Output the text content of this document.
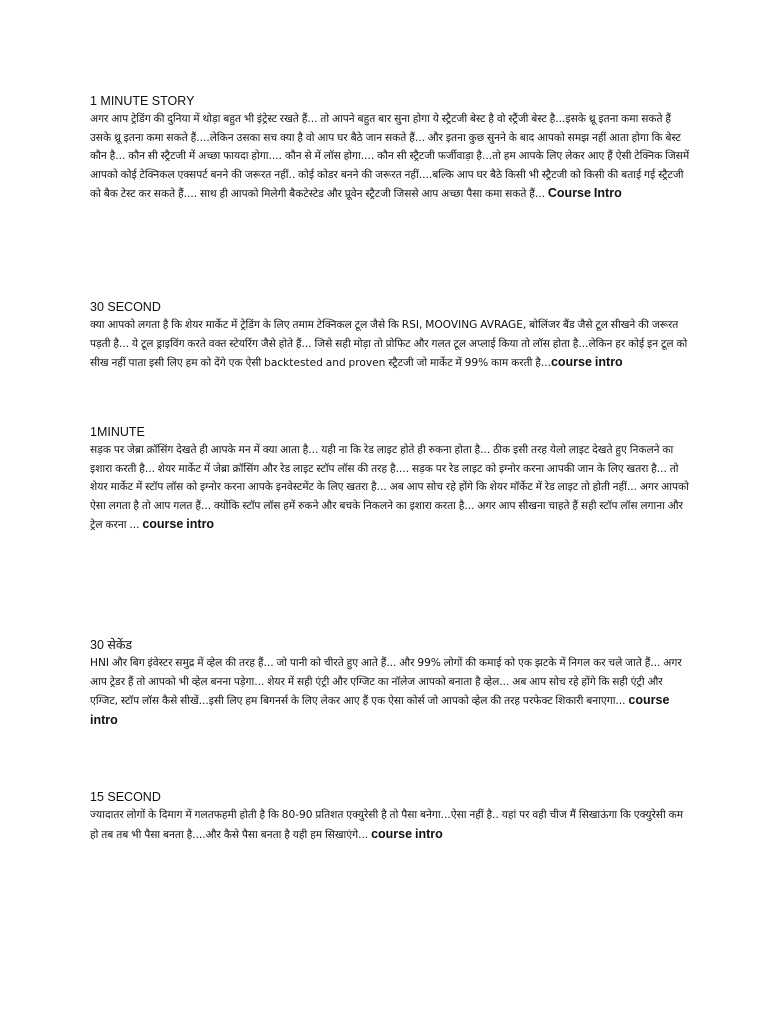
1 MINUTE STORY

अगर आप ट्रेडिंग की दुनिया में थोड़ा बहुत भी इंट्रेस्ट रखते हैं... तो आपने बहुत बार सुना होगा ये स्ट्रैटजी बेस्ट है वो स्ट्रैंजी बेस्ट है...इसके थ्रू इतना कमा सकते हैं उसके थ्रू इतना कमा सकते हैं....लेकिन उसका सच क्या है वो आप घर बैठे जान सकते हैं... और इतना कुछ सुनने के बाद आपको समझ नहीं आता होगा कि बेस्ट कौन है... कौन सी स्ट्रैटजी में अच्छा फायदा होगा.... कौन से में लॉस होगा.... कौन सी स्ट्रैटजी फर्जीवाड़ा है...तो हम आपके लिए लेकर आए हैं ऐसी टेक्निक जिसमें आपको कोई टेक्निकल एक्सपर्ट बनने की जरूरत नहीं.. कोई कोडर बनने की जरूरत नहीं....बल्कि आप घर बैठे किसी भी स्ट्रैटजी को किसी की बताई गई स्ट्रैटजी को बैक टेस्ट कर सकते हैं.... साथ ही आपको मिलेगी बैकटेस्टेड और प्रूवेन स्ट्रैटजी जिससे आप अच्छा पैसा कमा सकते हैं... Course Intro

30 SECOND

क्या आपको लगता है कि शेयर मार्केट में ट्रेडिंग के लिए तमाम टेक्निकल टूल जैसे कि RSI, MOOVING AVRAGE, बोलिंजर बैंड जैसे टूल सीखने की जरूरत पड़ती है... ये टूल ड्राइविंग करते वक्त स्टेयरिंग जैसे होते हैं... जिसे सही मोड़ा तो प्रोफिट और गलत टूल अप्लाई किया तो लॉस होता है...लेकिन हर कोई इन टूल को सीख नहीं पाता इसी लिए हम को देंगे एक ऐसी backtested and proven स्ट्रैटजी जो मार्केट में 99% काम करती है...course intro

1MINUTE

सड़क पर जेब्रा क्रॉसिंग देखते ही आपके मन में क्या आता है... यही ना कि रेड लाइट होते ही रुकना होता है... ठीक इसी तरह येलो लाइट देखते हुए निकलने का इशारा करती है... शेयर मार्केट में जेब्रा क्रॉसिंग और रेड लाइट स्टॉप लॉस की तरह है.... सड़क पर रेड लाइट को इग्नोर करना आपकी जान के लिए खतरा है... तो शेयर मार्केट में स्टॉप लॉस को इग्नोर करना आपके इनवेस्टमेंट के लिए खतरा है... अब आप सोच रहे होंगे कि शेयर मॉर्केट में रेड लाइट तो होती नहीं... अगर आपको ऐसा लगता है तो आप गलत हैं... क्योंकि स्टॉप लॉस हमें रुकने और बचके निकलने का इशारा करता है... अगर आप सीखना चाहते हैं सही स्टॉप लॉस लगाना और ट्रेल करना ... course intro

30 सेकेंड

HNI और बिग इंवेस्टर समुद्र में व्हेल की तरह हैं... जो पानी को चीरते हुए आते हैं... और 99% लोगों की कमाई को एक झटके में निगल कर चले जाते हैं... अगर आप ट्रेडर हैं तो आपको भी व्हेल बनना पड़ेगा... शेयर में सही एंट्री और एग्जिट का नॉलेज आपको बनाता है व्हेल... अब आप सोच रहे होंगे कि सही एंट्री और एग्जिट, स्टॉप लॉस कैसे सीखें...इसी लिए हम बिगनर्स के लिए लेकर आए हैं एक ऐसा कोर्स जो आपको व्हेल की तरह परफेक्ट शिकारी बनाएगा... course intro

15 SECOND

ज्यादातर लोगों के दिमाग में गलतफहमी होती है कि 80-90 प्रतिशत एक्युरेसी है तो पैसा बनेगा...ऐसा नहीं है.. यहां पर वही चीज मैं सिखाऊंगा कि एक्युरेसी कम हो तब तब भी पैसा बनता है....और कैसे पैसा बनता है यही हम सिखाएंगे... course intro
